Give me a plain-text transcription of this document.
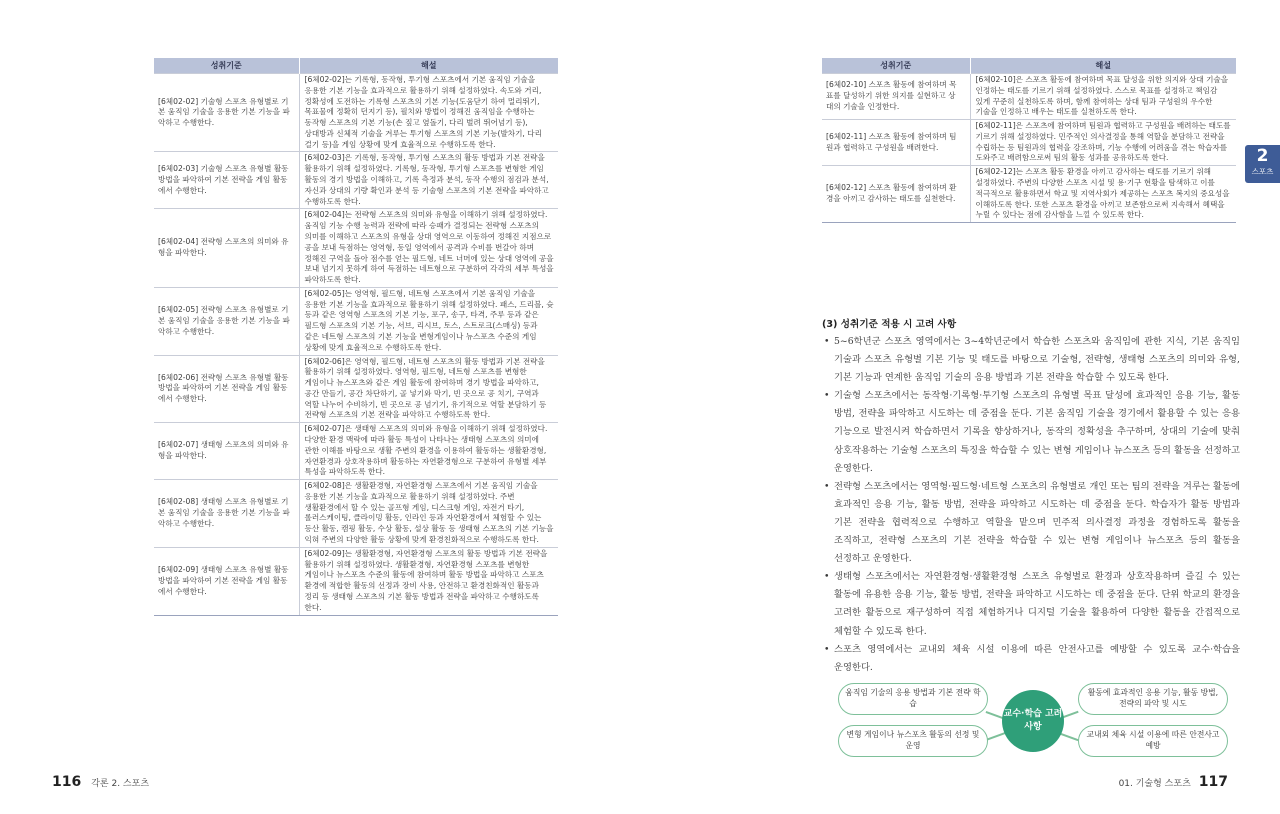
성취기준	해설
[6체02-02] 기술형 스포츠 유형별로 기본 움직임 기술을 응용한 기본 기능을 파악하고 수행한다.	[6체02-02]는 기록형, 동작형, 투기형 스포츠에서 기본 움직임 기술을 응용한 기본 기능을 효과적으로 활용하기 위해 설정하였다. 속도와 거리, 정확성에 도전하는 기록형 스포츠의 기본 기능(도움닫기 하여 멀리뛰기, 목표물에 정확히 던지기 등), 필치와 방법이 정해진 움직임을 수행하는 동작형 스포츠의 기본 기능(손 짚고 옆돌기, 다리 벌려 뛰어넘기 등), 상대방과 신체적 기술을 겨루는 투기형 스포츠의 기본 기능(발차기, 다리 걸기 등)을 게임 상황에 맞게 효율적으로 수행하도록 한다.
[6체02-03] 기술형 스포츠 유형별 활동 방법을 파악하여 기본 전략을 게임 활동에서 수행한다.	[6체02-03]은 기록형, 동작형, 투기형 스포츠의 활동 방법과 기본 전략을 활용하기 위해 설정하였다. 기록형, 동작형, 투기형 스포츠를 변형한 게임 활동의 경기 방법을 이해하고, 기록 측정과 분석, 동작 수행의 점검과 분석, 자신과 상대의 기량 확인과 분석 등 기술형 스포츠의 기본 전략을 파악하고 수행하도록 한다.
[6체02-04] 전략형 스포츠의 의미와 유형을 파악한다.	[6체02-04]는 전략형 스포츠의 의미와 유형을 이해하기 위해 설정하였다. 움직임 기능 수행 능력과 전략에 따라 승패가 결정되는 전략형 스포츠의 의미를 이해하고 스포츠의 유형을 상대 영역으로 이동하여 정해진 지점으로 공을 보내 득점하는 영역형, 동일 영역에서 공격과 수비를 번갈아 하며 정해진 구역을 돌아 점수를 얻는 필드형, 네트 너머에 있는 상대 영역에 공을 보내 넘기지 못하게 하여 득점하는 네트형으로 구분하여 각각의 세부 특성을 파악하도록 한다.
[6체02-05] 전략형 스포츠 유형별로 기본 움직임 기술을 응용한 기본 기능을 파악하고 수행한다.	[6체02-05]는 영역형, 필드형, 네트형 스포츠에서 기본 움직임 기술을 응용한 기본 기능을 효과적으로 활용하기 위해 설정하였다. 패스, 드리블, 슛 등과 같은 영역형 스포츠의 기본 기능, 포구, 송구, 타격, 주루 등과 같은 필드형 스포츠의 기본 기능, 서브, 리시브, 토스, 스트로크(스매싱) 등과 같은 네트형 스포츠의 기본 기능을 변형게임이나 뉴스포츠 수준의 게임 상황에 맞게 효율적으로 수행하도록 한다.
[6체02-06] 전략형 스포츠 유형별 활동 방법을 파악하여 기본 전략을 게임 활동에서 수행한다.	[6체02-06]은 영역형, 필드형, 네트형 스포츠의 활동 방법과 기본 전략을 활용하기 위해 설정하였다. 영역형, 필드형, 네트형 스포츠를 변형한 게임이나 뉴스포츠와 같은 게임 활동에 참여하며 경기 방법을 파악하고, 공간 만들기, 공간 차단하기, 골 넣기와 막기, 빈 곳으로 공 치기, 구역과 역할 나누어 수비하기, 빈 곳으로 공 넘기기, 유기적으로 역할 분담하기 등 전략형 스포츠의 기본 전략을 파악하고 수행하도록 한다.
[6체02-07] 생태형 스포츠의 의미와 유형을 파악한다.	[6체02-07]은 생태형 스포츠의 의미와 유형을 이해하기 위해 설정하였다. 다양한 환경 맥락에 따라 활동 특성이 나타나는 생태형 스포츠의 의미에 관한 이해를 바탕으로 생활 주변의 환경을 이용하여 활동하는 생활환경형, 자연환경과 상호작용하며 활동하는 자연환경형으로 구분하여 유형별 세부 특성을 파악하도록 한다.
[6체02-08] 생태형 스포츠 유형별로 기본 움직임 기술을 응용한 기본 기능을 파악하고 수행한다.	[6체02-08]은 생활환경형, 자연환경형 스포츠에서 기본 움직임 기술을 응용한 기본 기능을 효과적으로 활용하기 위해 설정하였다. 주변 생활환경에서 할 수 있는 골프형 게임, 디스크형 게임, 자전거 타기, 롤러스케이팅, 클라이밍 활동, 인라인 등과 자연환경에서 체험할 수 있는 등산 활동, 캠핑 활동, 수상 활동, 설상 활동 등 생태형 스포츠의 기본 기능을 익혀 주변의 다양한 활동 상황에 맞게 환경친화적으로 수행하도록 한다.
[6체02-09] 생태형 스포츠 유형별 활동 방법을 파악하여 기본 전략을 게임 활동에서 수행한다.	[6체02-09]는 생활환경형, 자연환경형 스포츠의 활동 방법과 기본 전략을 활용하기 위해 설정하였다. 생활환경형, 자연환경형 스포츠를 변형한 게임이나 뉴스포츠 수준의 활동에 참여하며 활동 방법을 파악하고 스포츠 환경에 적합한 활동의 선정과 장비 사용, 안전하고 환경친화적인 활동과 정리 등 생태형 스포츠의 기본 활동 방법과 전략을 파악하고 수행하도록 한다.
116 각론 2. 스포츠
성취기준	해설
[6체02-10] 스포츠 활동에 참여하며 목표를 달성하기 위한 의지를 실현하고 상대의 기술을 인정한다.	[6체02-10]은 스포츠 활동에 참여하며 목표 달성을 위한 의지와 상대 기술을 인정하는 태도를 기르기 위해 설정하였다. 스스로 목표를 설정하고 책임감 있게 꾸준히 실천하도록 하며, 함께 참여하는 상대 팀과 구성원의 우수한 기술을 인정하고 배우는 태도를 실천하도록 한다.
[6체02-11] 스포츠 활동에 참여하며 팀원과 협력하고 구성원을 배려한다.	[6체02-11]은 스포츠에 참여하며 팀원과 협력하고 구성원을 배려하는 태도를 기르기 위해 설정하였다. 민주적인 의사결정을 통해 역할을 분담하고 전략을 수립하는 등 팀원과의 협력을 강조하며, 기능 수행에 어려움을 겪는 학습자를 도와주고 배려함으로써 팀의 활동 성과를 공유하도록 한다.
[6체02-12] 스포츠 활동에 참여하며 환경을 아끼고 감사하는 태도를 실천한다.	[6체02-12]는 스포츠 활동 환경을 아끼고 감사하는 태도를 기르기 위해 설정하였다. 주변의 다양한 스포츠 시설 및 용·기구 현황을 탐색하고 이를 적극적으로 활용하면서 학교 및 지역사회가 제공하는 스포츠 복지의 중요성을 이해하도록 한다. 또한 스포츠 환경을 아끼고 보존함으로써 지속해서 혜택을 누릴 수 있다는 점에 감사함을 느낄 수 있도록 한다.
2
스포츠
(3) 성취기준 적용 시 고려 사항
• 5~6학년군 스포츠 영역에서는 3~4학년군에서 학습한 스포츠와 움직임에 관한 지식, 기본 움직임 기술과 스포츠 유형별 기본 기능 및 태도를 바탕으로 기술형, 전략형, 생태형 스포츠의 의미와 유형, 기본 기능과 연계한 움직임 기술의 응용 방법과 기본 전략을 학습할 수 있도록 한다.
• 기술형 스포츠에서는 동작형·기록형·투기형 스포츠의 유형별 목표 달성에 효과적인 응용 기능, 활동 방법, 전략을 파악하고 시도하는 데 중점을 둔다. 기본 움직임 기술을 경기에서 활용할 수 있는 응용 기능으로 발전시켜 학습하면서 기록을 향상하거나, 동작의 정확성을 추구하며, 상대의 기술에 맞춰 상호작용하는 기술형 스포츠의 특징을 학습할 수 있는 변형 게임이나 뉴스포츠 등의 활동을 선정하고 운영한다.
• 전략형 스포츠에서는 영역형·필드형·네트형 스포츠의 유형별로 개인 또는 팀의 전략을 겨루는 활동에 효과적인 응용 기능, 활동 방법, 전략을 파악하고 시도하는 데 중점을 둔다. 학습자가 활동 방법과 기본 전략을 협력적으로 수행하고 역할을 맡으며 민주적 의사결정 과정을 경험하도록 활동을 조직하고, 전략형 스포츠의 기본 전략을 학습할 수 있는 변형 게임이나 뉴스포츠 등의 활동을 선정하고 운영한다.
• 생태형 스포츠에서는 자연환경형·생활환경형 스포츠 유형별로 환경과 상호작용하며 즐길 수 있는 활동에 유용한 응용 기능, 활동 방법, 전략을 파악하고 시도하는 데 중점을 둔다. 단위 학교의 환경을 고려한 활동으로 재구성하여 직접 체험하거나 디지털 기술을 활용하여 다양한 활동을 간접적으로 체험할 수 있도록 한다.
• 스포츠 영역에서는 교내외 체육 시설 이용에 따른 안전사고를 예방할 수 있도록 교수·학습을 운영한다.
움직임 기술의 응용 방법과 기본 전략 학습
변형 게임이나 뉴스포츠 활동의 선정 및 운영
활동에 효과적인 응용 기능, 활동 방법, 전략의 파악 및 시도
교내외 체육 시설 이용에 따른 안전사고 예방
교수·학습 고려 사항
01. 기술형 스포츠 117
